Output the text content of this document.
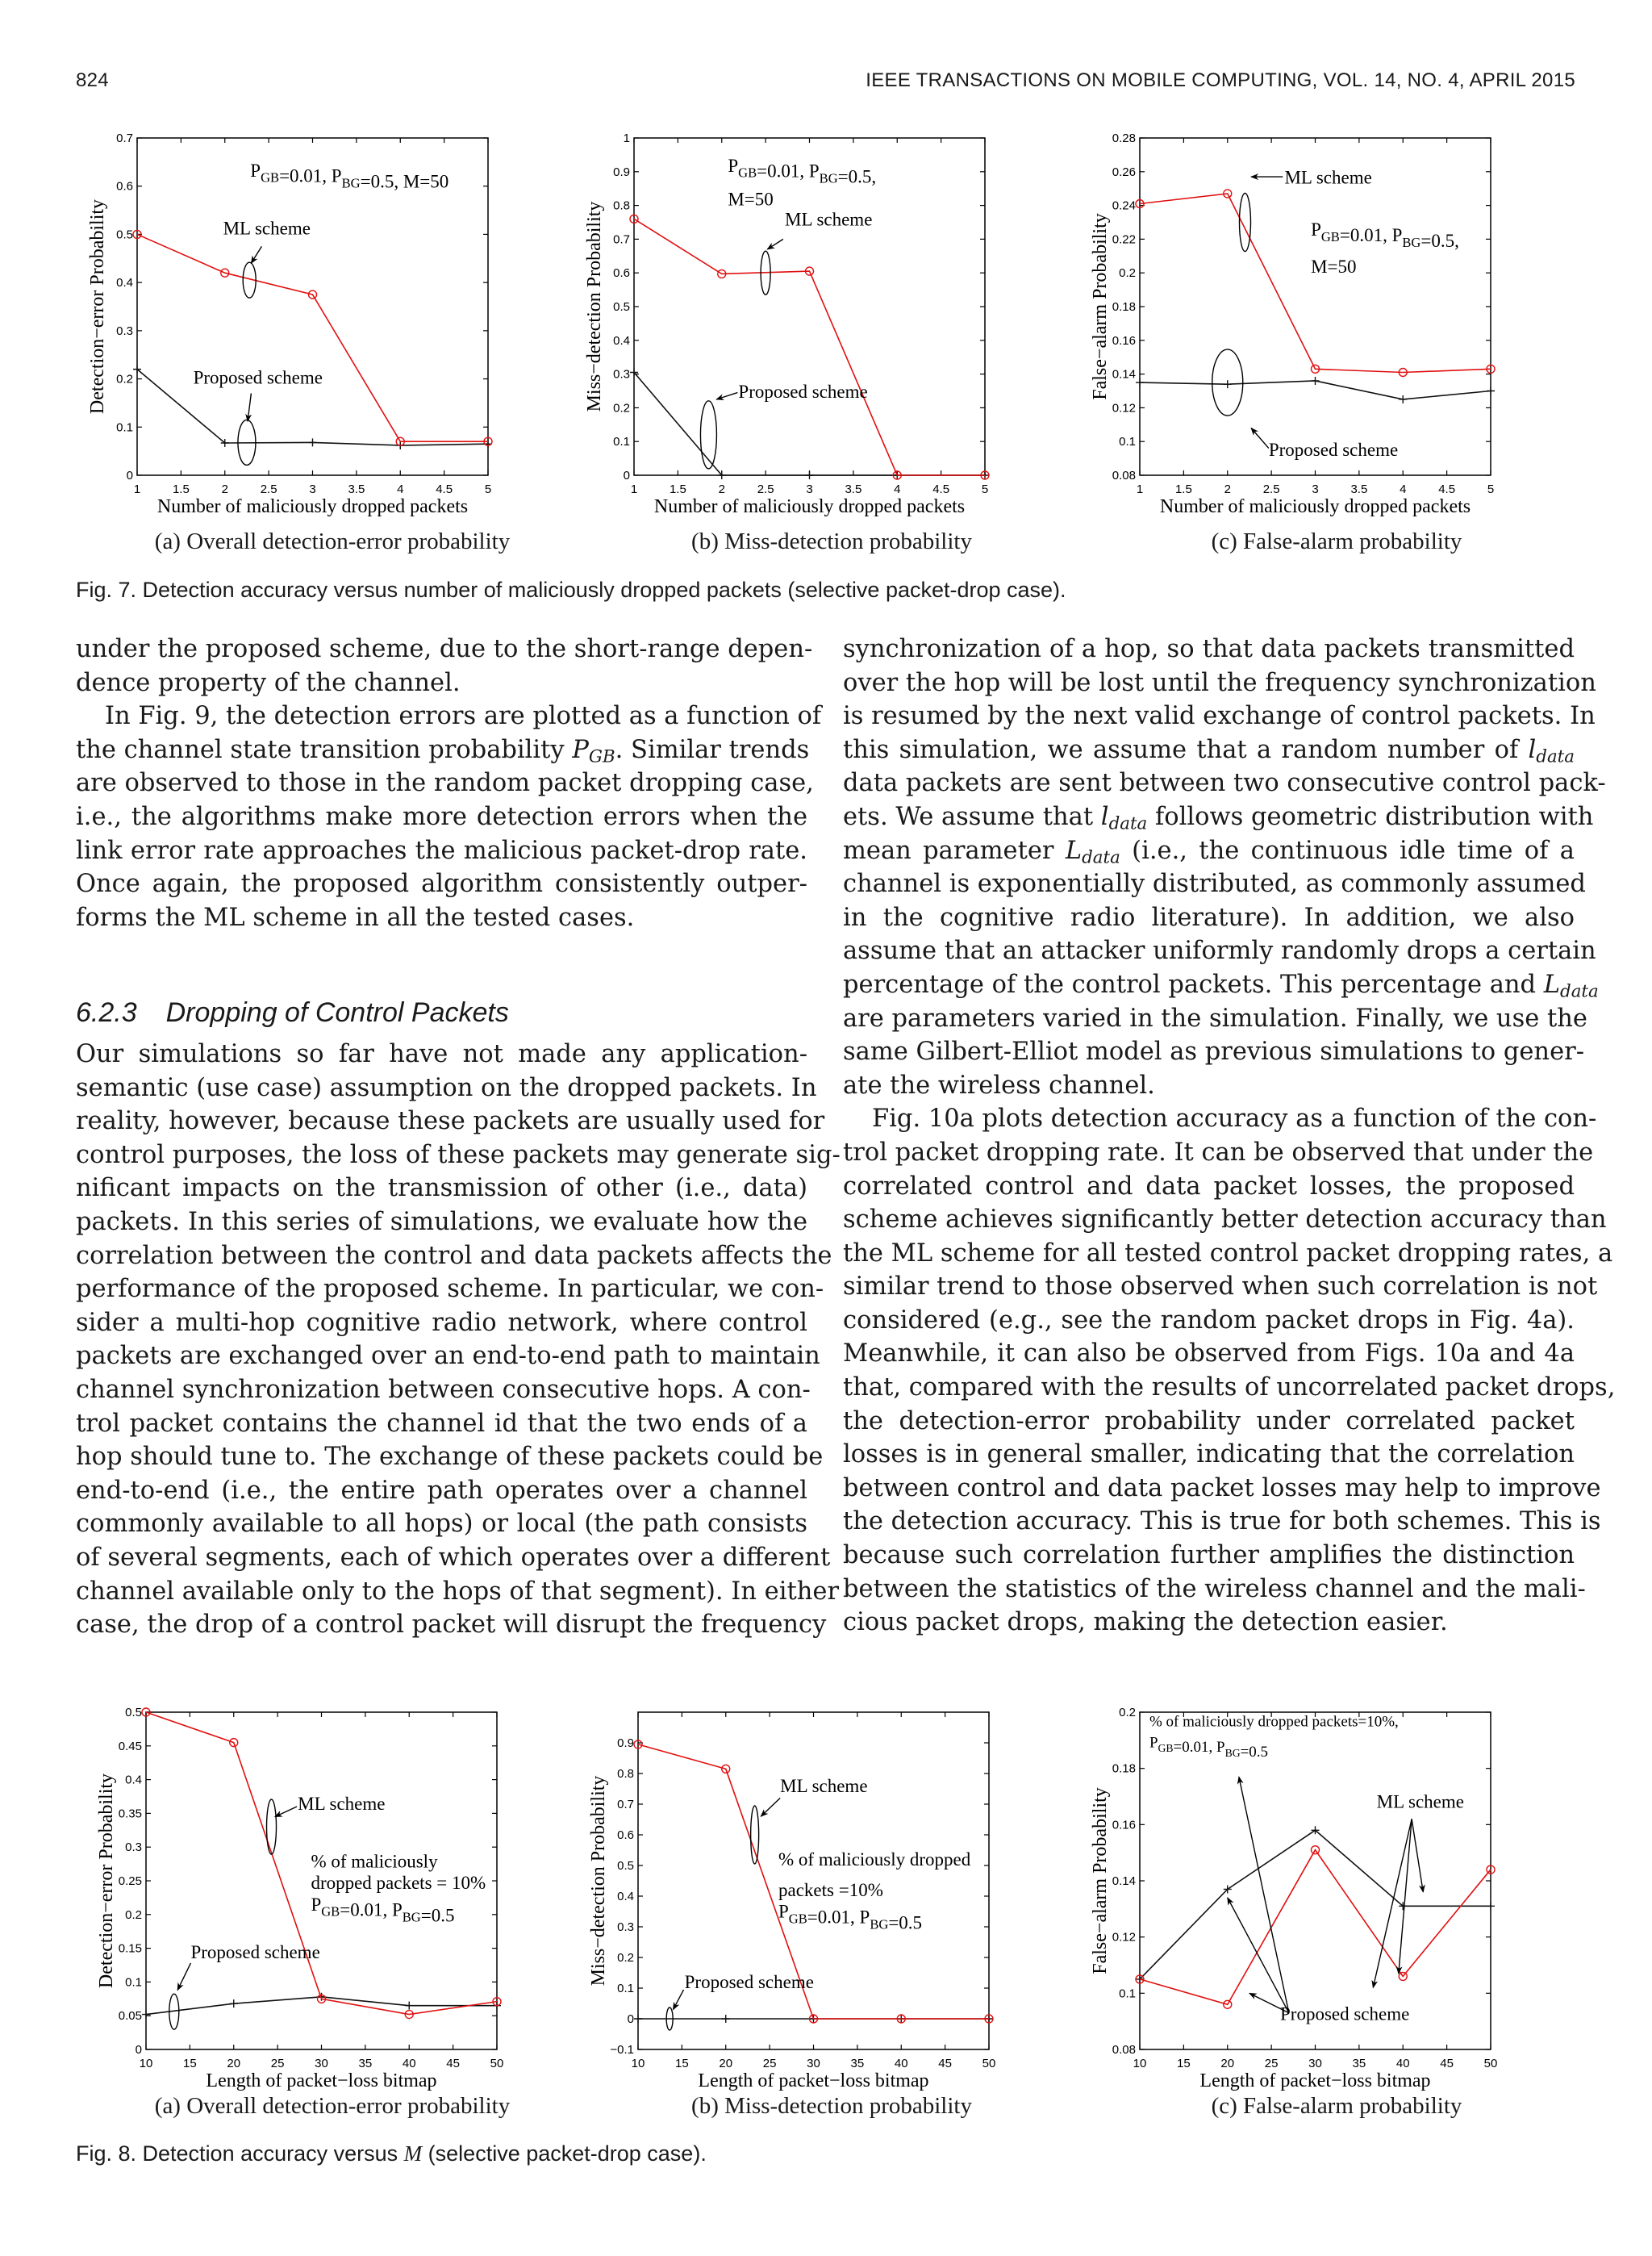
824	IEEE TRANSACTIONS ON MOBILE COMPUTING, VOL. 14, NO. 4, APRIL 2015
1	1.5	2	2.5	3	3.5	4	4.5	5
0
0.1
0.2
0.3
0.4
0.5
0.6
0.7
Number of maliciously dropped packets
Detection−error Probability
$P_{GB}=0.01$, $P_{BG}=0.5$, M=50
ML scheme
Proposed scheme
1	1.5	2	2.5	3	3.5	4	4.5	5
0
0.1
0.2
0.3
0.4
0.5
0.6
0.7
0.8
0.9
1
Number of maliciously dropped packets
Miss−detection Probability
$P_{GB}=0.01$, $P_{BG}=0.5$,
M=50
ML scheme
Proposed scheme
1	1.5	2	2.5	3	3.5	4	4.5	5
0.08
0.1
0.12
0.14
0.16
0.18
0.2
0.22
0.24
0.26
0.28
Number of maliciously dropped packets
False−alarm Probability
ML scheme
$P_{GB}=0.01$, $P_{BG}=0.5$,
M=50
Proposed scheme
(a) Overall detection-error probability	(b) Miss-detection probability	(c) False-alarm probability
Fig. 7. Detection accuracy versus number of maliciously dropped packets (selective packet-drop case).
under the proposed scheme, due to the short-range depen-
dence property of the channel.
In Fig. 9, the detection errors are plotted as a function of
the channel state transition probability $P_{GB}$. Similar trends
are observed to those in the random packet dropping case,
i.e., the algorithms make more detection errors when the
link error rate approaches the malicious packet-drop rate.
Once again, the proposed algorithm consistently outper-
forms the ML scheme in all the tested cases.
6.2.3 Dropping of Control Packets
Our simulations so far have not made any application-
semantic (use case) assumption on the dropped packets. In
reality, however, because these packets are usually used for
control purposes, the loss of these packets may generate sig-
nificant impacts on the transmission of other (i.e., data)
packets. In this series of simulations, we evaluate how the
correlation between the control and data packets affects the
performance of the proposed scheme. In particular, we con-
sider a multi-hop cognitive radio network, where control
packets are exchanged over an end-to-end path to maintain
channel synchronization between consecutive hops. A con-
trol packet contains the channel id that the two ends of a
hop should tune to. The exchange of these packets could be
end-to-end (i.e., the entire path operates over a channel
commonly available to all hops) or local (the path consists
of several segments, each of which operates over a different
channel available only to the hops of that segment). In either
case, the drop of a control packet will disrupt the frequency
synchronization of a hop, so that data packets transmitted
over the hop will be lost until the frequency synchronization
is resumed by the next valid exchange of control packets. In
this simulation, we assume that a random number of $l_{data}$
data packets are sent between two consecutive control pack-
ets. We assume that $l_{data}$ follows geometric distribution with
mean parameter $L_{data}$ (i.e., the continuous idle time of a
channel is exponentially distributed, as commonly assumed
in the cognitive radio literature). In addition, we also
assume that an attacker uniformly randomly drops a certain
percentage of the control packets. This percentage and $L_{data}$
are parameters varied in the simulation. Finally, we use the
same Gilbert-Elliot model as previous simulations to gener-
ate the wireless channel.
Fig. 10a plots detection accuracy as a function of the con-
trol packet dropping rate. It can be observed that under the
correlated control and data packet losses, the proposed
scheme achieves significantly better detection accuracy than
the ML scheme for all tested control packet dropping rates, a
similar trend to those observed when such correlation is not
considered (e.g., see the random packet drops in Fig. 4a).
Meanwhile, it can also be observed from Figs. 10a and 4a
that, compared with the results of uncorrelated packet drops,
the detection-error probability under correlated packet
losses is in general smaller, indicating that the correlation
between control and data packet losses may help to improve
the detection accuracy. This is true for both schemes. This is
because such correlation further amplifies the distinction
between the statistics of the wireless channel and the mali-
cious packet drops, making the detection easier.
10	15	20	25	30	35	40	45	50
0
0.05
0.1
0.15
0.2
0.25
0.3
0.35
0.4
0.45
0.5
Length of packet−loss bitmap
Detection−error Probability	ML scheme
% of maliciously
dropped packets = 10%
$P_{GB}=0.01$, $P_{BG}=0.5$
Proposed scheme
10	15	20	25	30	35	40	45	50
−0.1
0
0.1
0.2
0.3
0.4
0.5
0.6
0.7
0.8
0.9
Length of packet−loss bitmap
Miss−detection Probability	ML scheme
% of maliciously dropped
packets =10%
$P_{GB}=0.01$, $P_{BG}=0.5$
Proposed scheme
10	15	20	25	30	35	40	45	50
0.08
0.1
0.12
0.14
0.16
0.18
0.2
Length of packet−loss bitmap
False−alarm Probability
% of maliciously dropped packets=10%,
$P_{GB}=0.01$, $P_{BG}=0.5$
ML scheme
Proposed scheme
(a) Overall detection-error probability	(b) Miss-detection probability	(c) False-alarm probability
Fig. 8. Detection accuracy versus M (selective packet-drop case).
